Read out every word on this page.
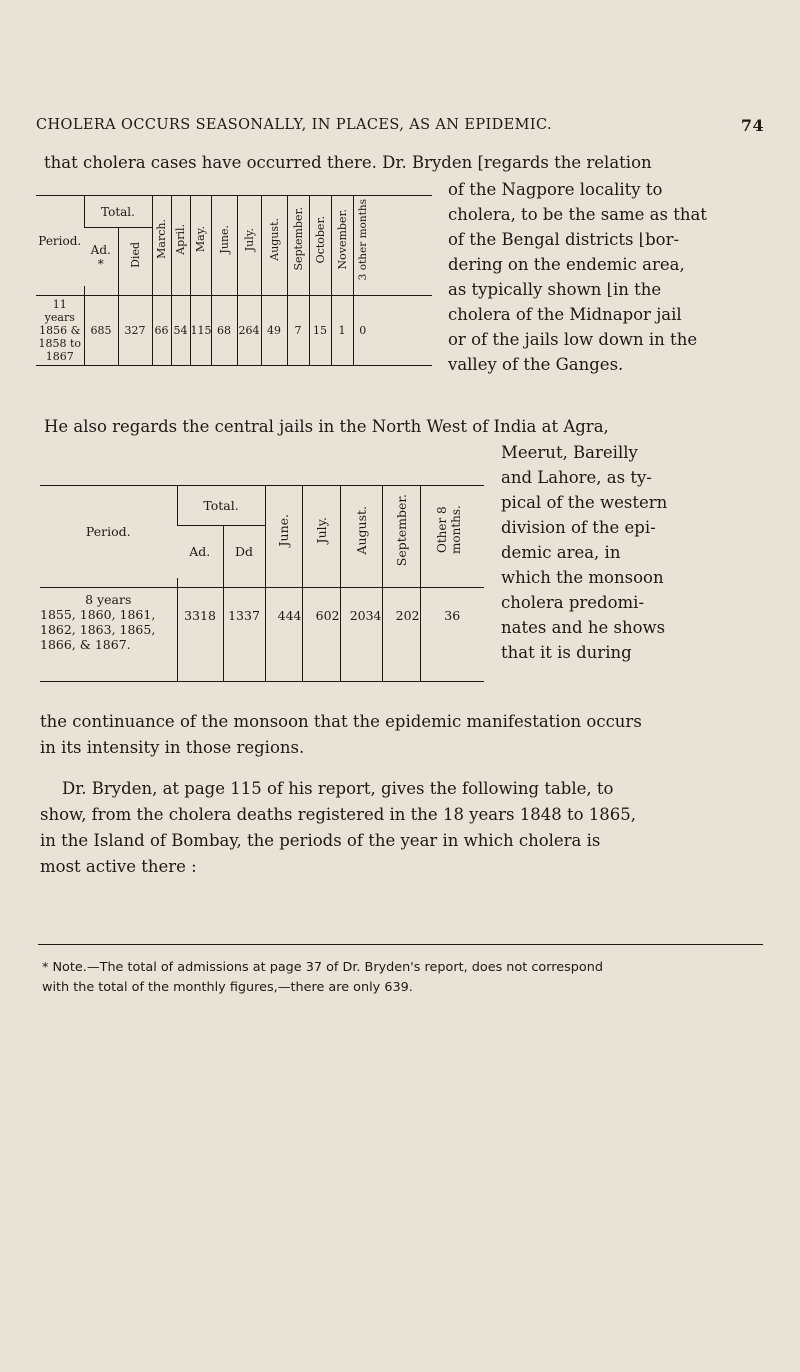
CHOLERA OCCURS SEASONALLY, IN PLACES, AS AN EPIDEMIC.	74
that cholera cases have occurred there. Dr. Bryden [regards the relation
of the Nagpore locality to
cholera, to be the same as that
of the Bengal districts ⌊bor-
dering on the endemic area,
as typically shown ⌊in the
cholera of the Midnapor jail
or of the jails low down in the
valley of the Ganges.
Period.	Total.		March.	April.	May.	June.	July.	August.	September.	October.	November.	3 other months	
	Ad.
*	Died											

11 years
1856 &
1858 to
1867	685	327	66	54	115	68	264	49	7	15	1	0	
He also regards the central jails in the North West of India at Agra,
Meerut, Bareilly
and Lahore, as ty-
pical of the western
division of the epi-
demic area, in
which the monsoon
cholera predomi-
nates and he shows
that it is during
Period.	Total.		June.	July.	August.	September.	Other 8 months.
	Ad.	Dd					

8 years
1855, 1860, 1861,
1862, 1863, 1865,
1866, & 1867.	3318	1337	444	602	2034	202	36
the continuance of the monsoon that the epidemic manifestation occurs
in its intensity in those regions.
Dr. Bryden, at page 115 of his report, gives the following table, to
show, from the cholera deaths registered in the 18 years 1848 to 1865,
in the Island of Bombay, the periods of the year in which cholera is
most active there :
* Note.—The total of admissions at page 37 of Dr. Bryden's report, does not correspond
with the total of the monthly figures,—there are only 639.
